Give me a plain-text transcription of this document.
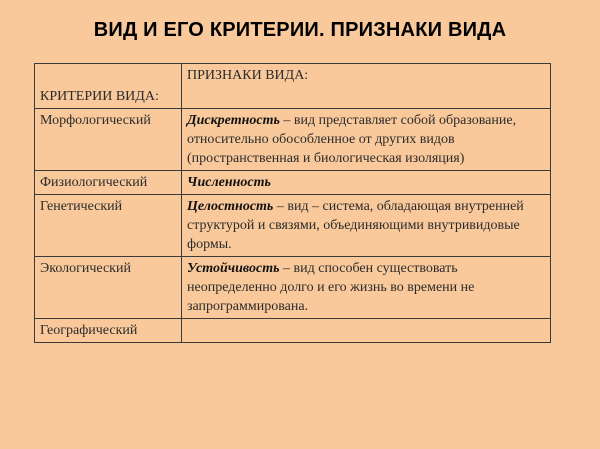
ВИД И ЕГО КРИТЕРИИ. ПРИЗНАКИ ВИДА
КРИТЕРИИ ВИДА:	ПРИЗНАКИ ВИДА:
Морфологический	Дискретность – вид представляет собой образование, относительно обособленное от других видов (пространственная и биологическая изоляция)
Физиологический	Численность
Генетический	Целостность – вид – система, обладающая внутренней структурой и связями, объединяющими внутривидовые формы.
Экологический	Устойчивость – вид способен существовать неопределенно долго и его жизнь во времени не запрограммирована.
Географический	
